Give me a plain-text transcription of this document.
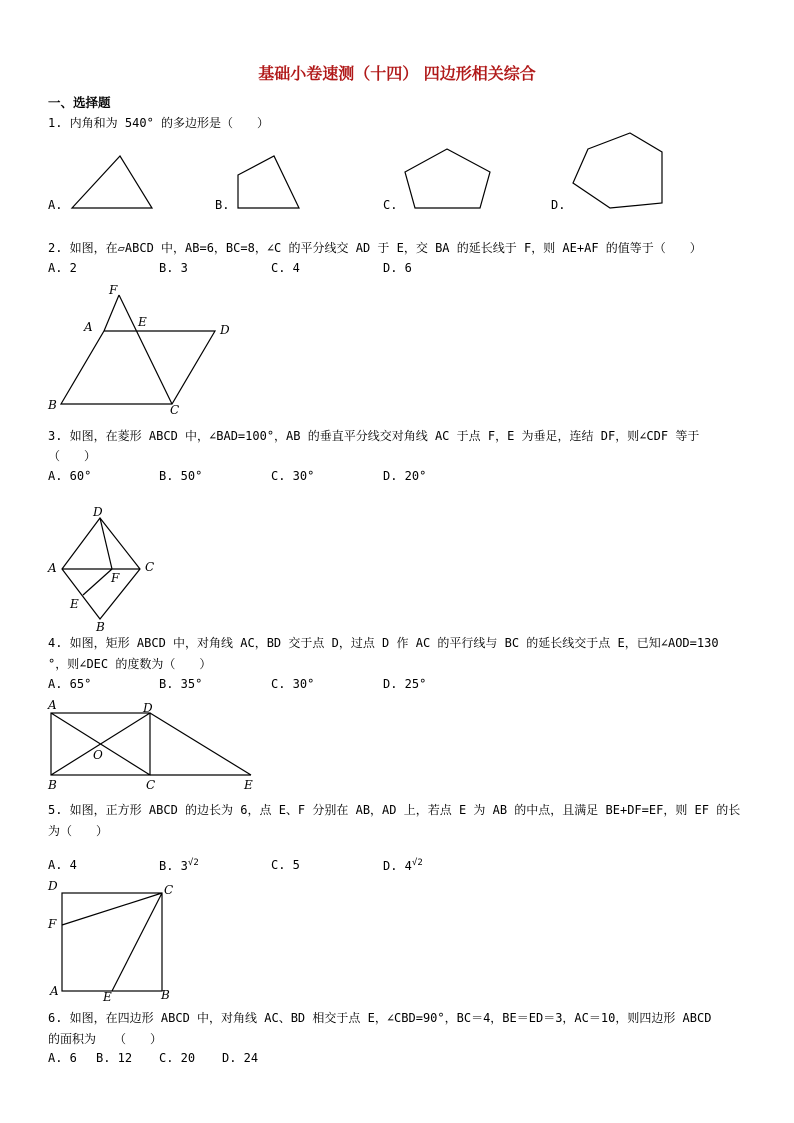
基础小卷速测（十四） 四边形相关综合
一、选择题
1. 内角和为 540° 的多边形是（　　）
A.	B.	C.	D.
2. 如图，在▱ABCD 中，AB=6，BC=8，∠C 的平分线交 AD 于 E，交 BA 的延长线于 F，则 AE+AF 的值等于（　　）
A. 2	B. 3	C. 4	D. 6
F
A	E
D
B	C
3. 如图，在菱形 ABCD 中，∠BAD=100°，AB 的垂直平分线交对角线 AC 于点 F，E 为垂足，连结 DF，则∠CDF 等于
（　　）
A. 60°	B. 50°	C. 30°	D. 20°
D
A
F
C
E
B
4. 如图，矩形 ABCD 中，对角线 AC，BD 交于点 D，过点 D 作 AC 的平行线与 BC 的延长线交于点 E，已知∠AOD=130
°，则∠DEC 的度数为（　　）
A. 65°	B. 35°	C. 30°	D. 25°
A	D
O
B	C	E
5. 如图，正方形 ABCD 的边长为 6，点 E、F 分别在 AB，AD 上，若点 E 为 AB 的中点，且满足 BE+DF=EF，则 EF 的长
为（　　）
A. 4	B. $3^{√2}$	C. 5	D. $4^{√2}$
D	C
F
A	E	B
6. 如图，在四边形 ABCD 中，对角线 AC、BD 相交于点 E，∠CBD=90°，BC＝4，BE＝ED＝3，AC＝10，则四边形 ABCD
的面积为　　（　　）
A. 6 B. 12 C. 20 D. 24
